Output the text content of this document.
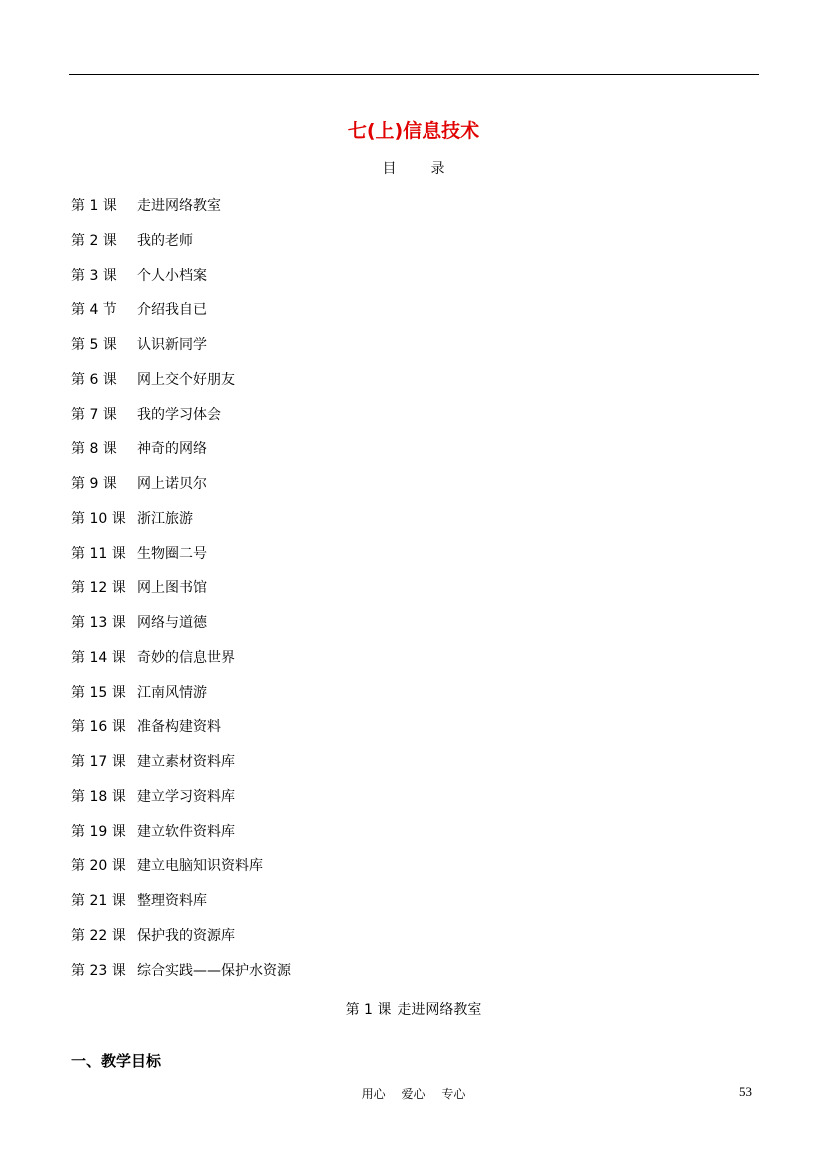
七(上)信息技术
目录
第 1 课 走进网络教室
第 2 课 我的老师
第 3 课 个人小档案
第 4 节 介绍我自已
第 5 课 认识新同学
第 6 课 网上交个好朋友
第 7 课 我的学习体会
第 8 课 神奇的网络
第 9 课 网上诺贝尔
第 10 课 浙江旅游
第 11 课 生物圈二号
第 12 课 网上图书馆
第 13 课 网络与道德
第 14 课 奇妙的信息世界
第 15 课 江南风情游
第 16 课 准备构建资料
第 17 课 建立素材资料库
第 18 课 建立学习资料库
第 19 课 建立软件资料库
第 20 课 建立电脑知识资料库
第 21 课 整理资料库
第 22 课 保护我的资源库
第 23 课 综合实践——保护水资源
第 1 课 走进网络教室
一、教学目标
用心 爱心 专心	53
